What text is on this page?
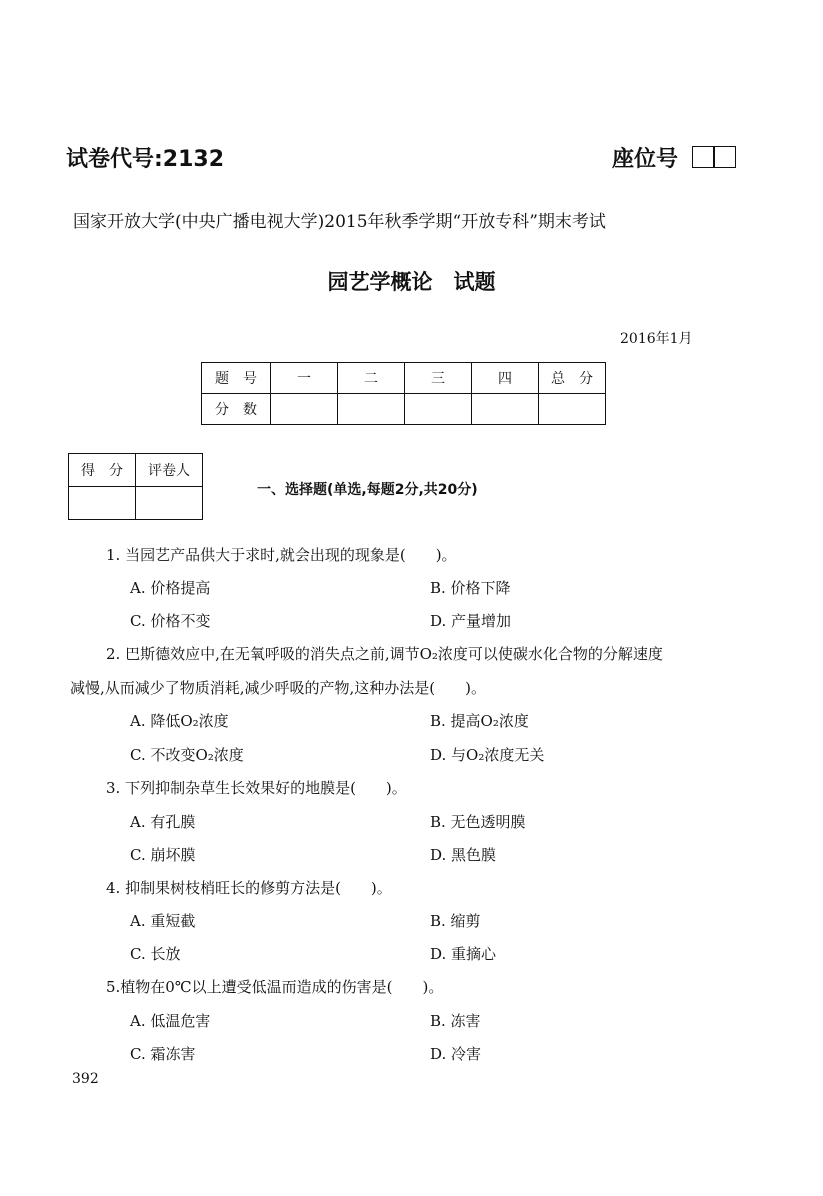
试卷代号:2132	座位号
国家开放大学(中央广播电视大学)2015年秋季学期“开放专科”期末考试
园艺学概论　试题
2016年1月
题　号	一	二	三	四	总　分
分　数					
得　分	评卷人

一、选择题(单选,每题2分,共20分)
1. 当园艺产品供大于求时,就会出现的现象是(　　)。
A. 价格提高	B. 价格下降
C. 价格不变	D. 产量增加
2. 巴斯德效应中,在无氧呼吸的消失点之前,调节O₂浓度可以使碳水化合物的分解速度
减慢,从而减少了物质消耗,减少呼吸的产物,这种办法是(　　)。
A. 降低O₂浓度	B. 提高O₂浓度
C. 不改变O₂浓度	D. 与O₂浓度无关
3. 下列抑制杂草生长效果好的地膜是(　　)。
A. 有孔膜	B. 无色透明膜
C. 崩坏膜	D. 黑色膜
4. 抑制果树枝梢旺长的修剪方法是(　　)。
A. 重短截	B. 缩剪
C. 长放	D. 重摘心
5.植物在0℃以上遭受低温而造成的伤害是(　　)。
A. 低温危害	B. 冻害
C. 霜冻害	D. 冷害
392
